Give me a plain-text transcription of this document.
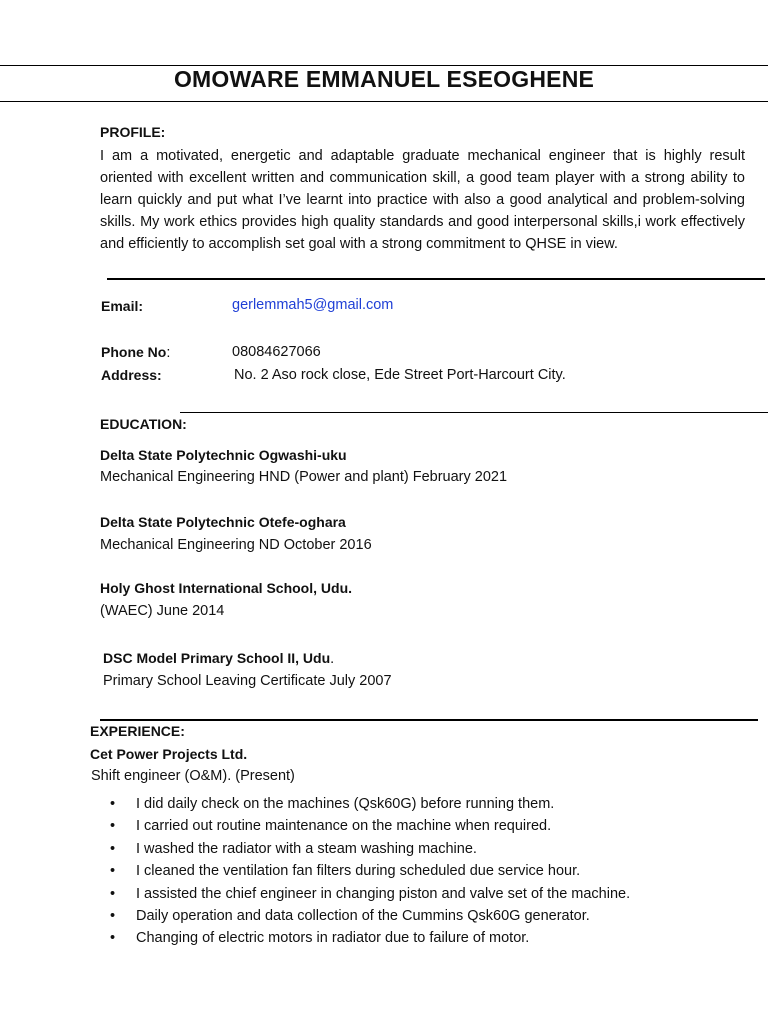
OMOWARE EMMANUEL ESEOGHENE
PROFILE:
I am a motivated, energetic and adaptable graduate mechanical engineer that is highly result oriented with excellent written and communication skill, a good team player with a strong ability to learn quickly and put what I’ve learnt into practice with also a good analytical and problem-solving skills. My work ethics provides high quality standards and good interpersonal skills,i work effectively and efficiently to accomplish set goal with a strong commitment to QHSE in view.
Email:	gerlemmah5@gmail.com
Phone No:	08084627066
Address:	No. 2 Aso rock close, Ede Street Port-Harcourt City.
EDUCATION:
Delta State Polytechnic Ogwashi-uku
Mechanical Engineering HND (Power and plant) February 2021
Delta State Polytechnic Otefe-oghara
Mechanical Engineering ND October 2016
Holy Ghost International School, Udu.
(WAEC) June 2014
DSC Model Primary School II, Udu.
Primary School Leaving Certificate July 2007
EXPERIENCE:
Cet Power Projects Ltd.
Shift engineer (O&M). (Present)
• I did daily check on the machines (Qsk60G) before running them.
• I carried out routine maintenance on the machine when required.
• I washed the radiator with a steam washing machine.
• I cleaned the ventilation fan filters during scheduled due service hour.
• I assisted the chief engineer in changing piston and valve set of the machine.
• Daily operation and data collection of the Cummins Qsk60G generator.
• Changing of electric motors in radiator due to failure of motor.
